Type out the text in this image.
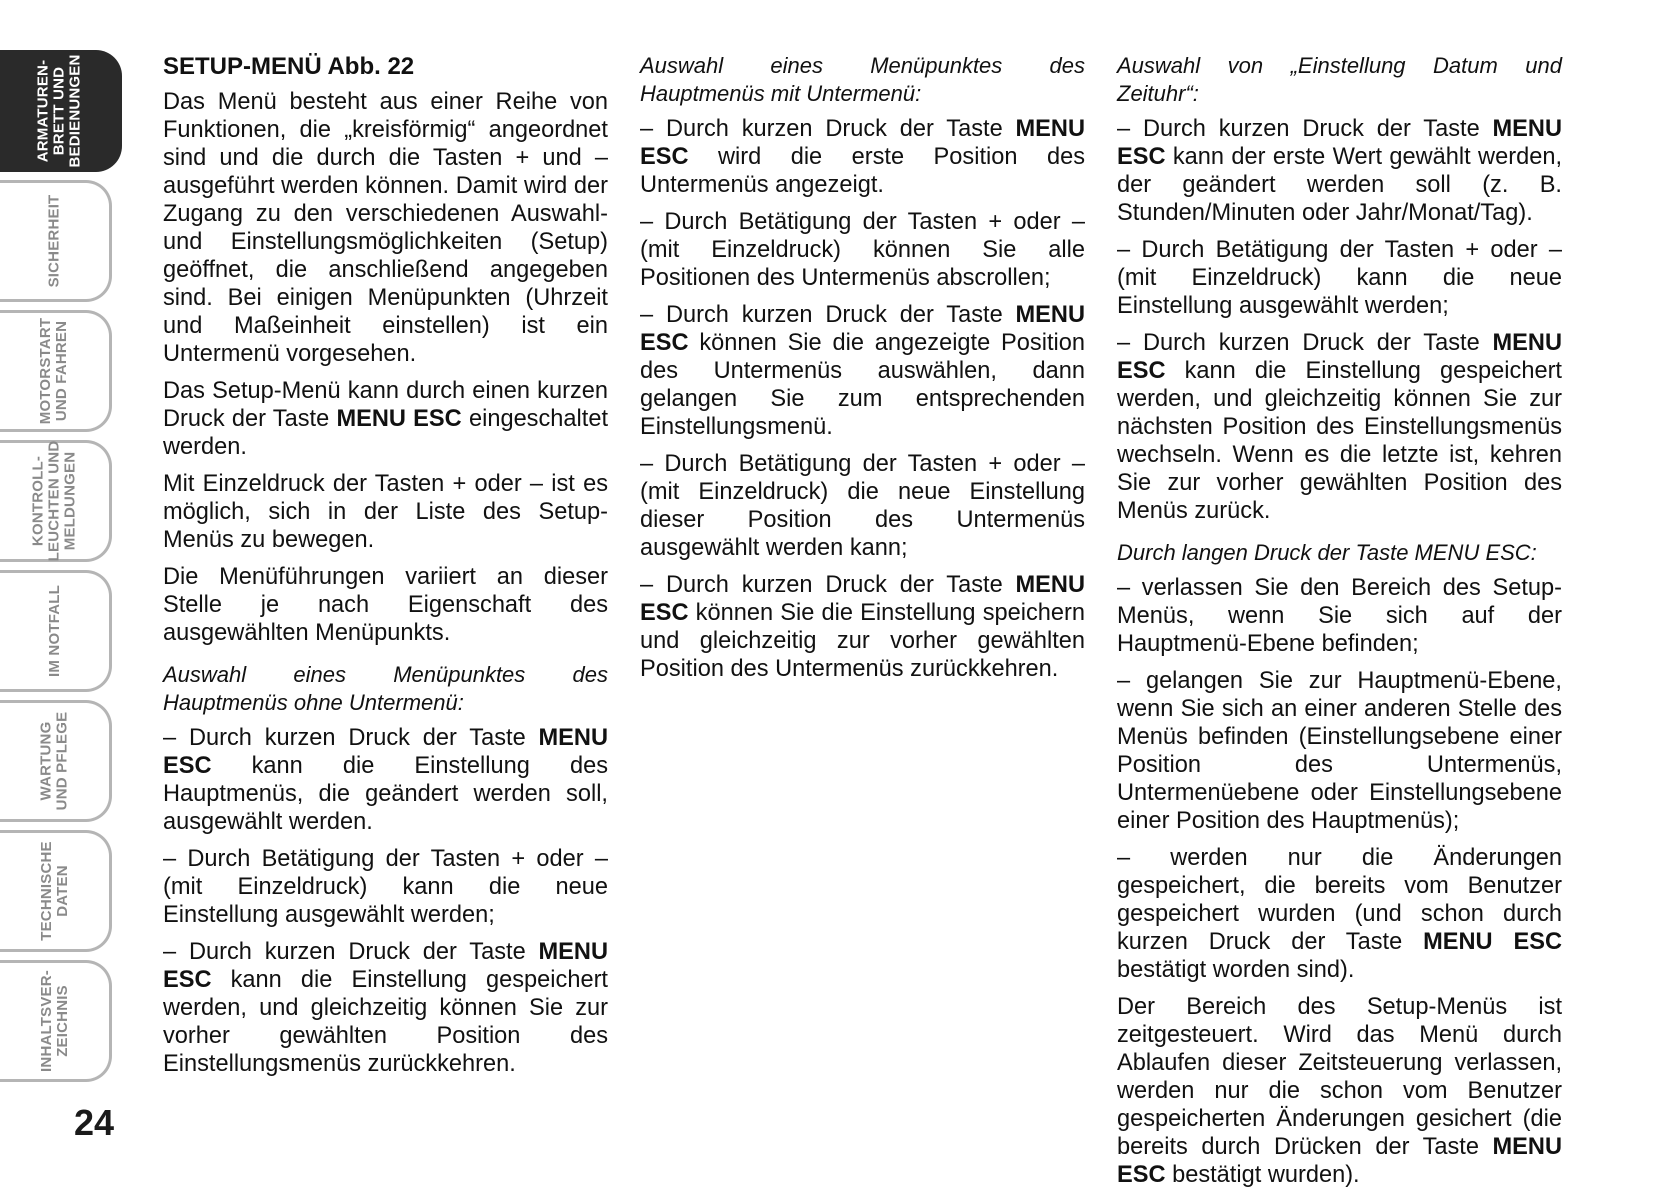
ARMATUREN-
BRETT UND
BEDIENUNGEN
SICHERHEIT
MOTORSTART
UND FAHREN
KONTROLL-
LEUCHTEN UND
MELDUNGEN
IM NOTFALL
WARTUNG
UND PFLEGE
TECHNISCHE
DATEN
INHALTSVER-
ZEICHNIS
24
SETUP-MENÜ Abb. 22

Das Menü besteht aus einer Reihe von Funktionen, die „kreisförmig“ angeordnet sind und die durch die Tasten + und – ausgeführt werden können. Damit wird der Zugang zu den verschiedenen Auswahl- und Einstellungsmöglichkeiten (Setup) geöffnet, die anschließend angegeben sind. Bei einigen Menüpunkten (Uhrzeit und Maßeinheit einstellen) ist ein Untermenü vorgesehen.

Das Setup-Menü kann durch einen kurzen Druck der Taste MENU ESC eingeschaltet werden.

Mit Einzeldruck der Tasten + oder – ist es möglich, sich in der Liste des Setup-Menüs zu bewegen.

Die Menüführungen variiert an dieser Stelle je nach Eigenschaft des ausgewählten Menüpunkts.

Auswahl eines Menüpunktes des Hauptmenüs ohne Untermenü:

– Durch kurzen Druck der Taste MENU ESC kann die Einstellung des Hauptmenüs, die geändert werden soll, ausgewählt werden.

– Durch Betätigung der Tasten + oder – (mit Einzeldruck) kann die neue Einstellung ausgewählt werden;

– Durch kurzen Druck der Taste MENU ESC kann die Einstellung gespeichert werden, und gleichzeitig können Sie zur vorher gewählten Position des Einstellungsmenüs zurückkehren.

Auswahl eines Menüpunktes des Hauptmenüs mit Untermenü:

– Durch kurzen Druck der Taste MENU ESC wird die erste Position des Untermenüs angezeigt.

– Durch Betätigung der Tasten + oder – (mit Einzeldruck) können Sie alle Positionen des Untermenüs abscrollen;

– Durch kurzen Druck der Taste MENU ESC können Sie die angezeigte Position des Untermenüs auswählen, dann gelangen Sie zum entsprechenden Einstellungsmenü.

– Durch Betätigung der Tasten + oder – (mit Einzeldruck) die neue Einstellung dieser Position des Untermenüs ausgewählt werden kann;

– Durch kurzen Druck der Taste MENU ESC können Sie die Einstellung speichern und gleichzeitig zur vorher gewählten Position des Untermenüs zurückkehren.

Auswahl von „Einstellung Datum und Zeituhr“:

– Durch kurzen Druck der Taste MENU ESC kann der erste Wert gewählt werden, der geändert werden soll (z. B. Stunden/Minuten oder Jahr/Monat/Tag).

– Durch Betätigung der Tasten + oder – (mit Einzeldruck) kann die neue Einstellung ausgewählt werden;

– Durch kurzen Druck der Taste MENU ESC kann die Einstellung gespeichert werden, und gleichzeitig können Sie zur nächsten Position des Einstellungsmenüs wechseln. Wenn es die letzte ist, kehren Sie zur vorher gewählten Position des Menüs zurück.

Durch langen Druck der Taste MENU ESC:

– verlassen Sie den Bereich des Setup-Menüs, wenn Sie sich auf der Hauptmenü-Ebene befinden;

– gelangen Sie zur Hauptmenü-Ebene, wenn Sie sich an einer anderen Stelle des Menüs befinden (Einstellungsebene einer Position des Untermenüs, Untermenüebene oder Einstellungsebene einer Position des Hauptmenüs);

– werden nur die Änderungen gespeichert, die bereits vom Benutzer gespeichert wurden (und schon durch kurzen Druck der Taste MENU ESC bestätigt worden sind).

Der Bereich des Setup-Menüs ist zeitgesteuert. Wird das Menü durch Ablaufen dieser Zeitsteuerung verlassen, werden nur die schon vom Benutzer gespeicherten Änderungen gesichert (die bereits durch Drücken der Taste MENU ESC bestätigt wurden).
